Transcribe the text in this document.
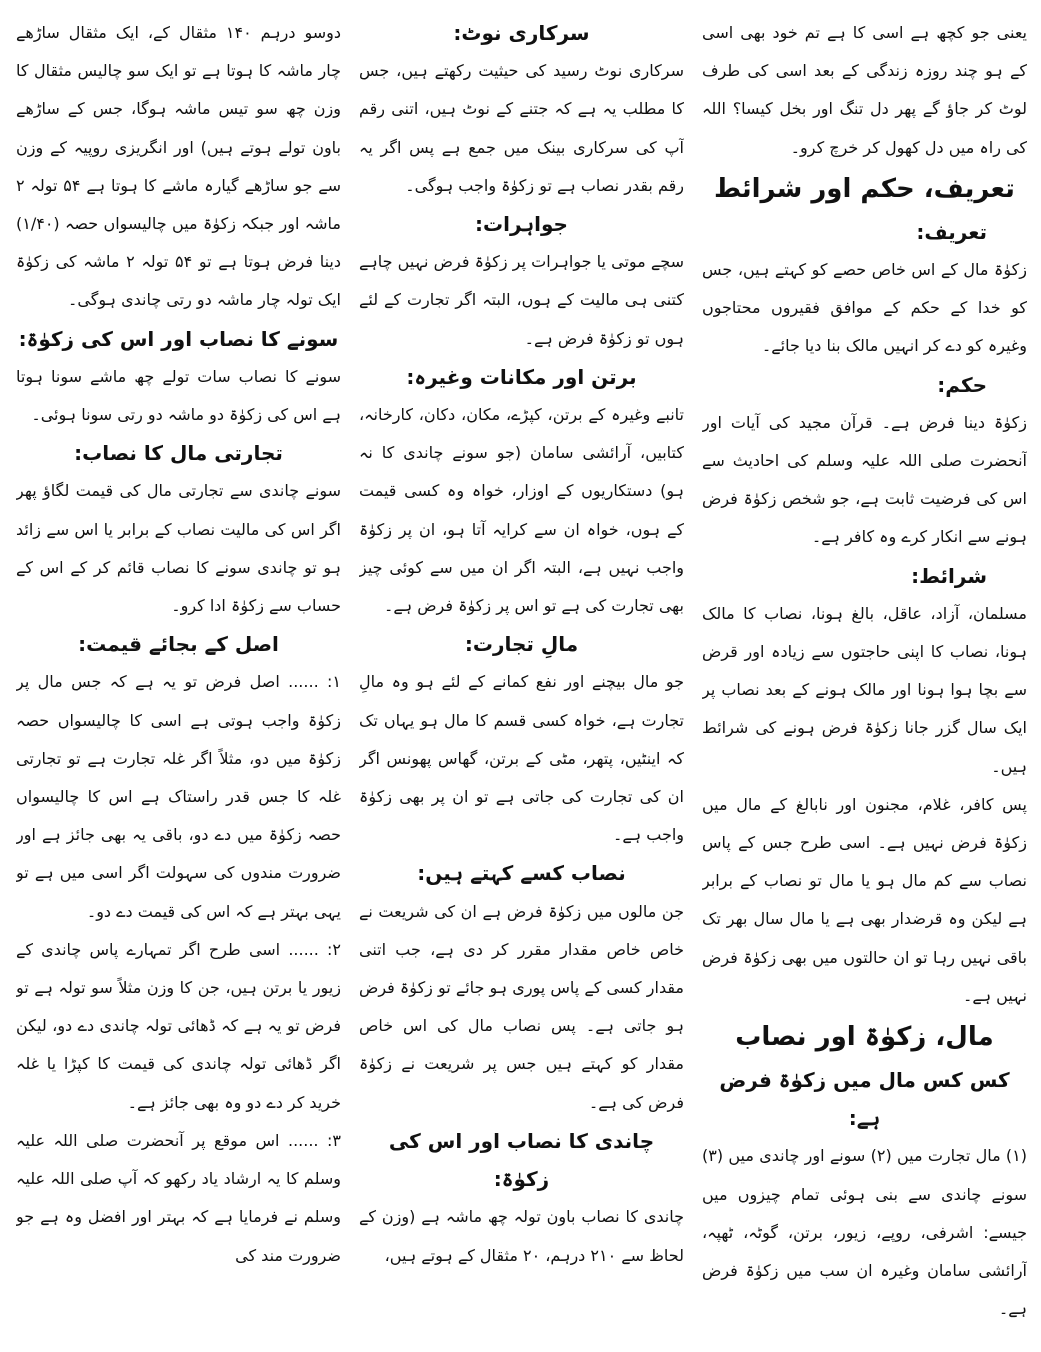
یعنی جو کچھ ہے اسی کا ہے تم خود بھی اسی کے ہو چند روزہ زندگی کے بعد اسی کی طرف لوٹ کر جاؤ گے پھر دل تنگ اور بخل کیسا؟ اللہ کی راہ میں دل کھول کر خرچ کرو۔

تعریف، حکم اور شرائط
تعریف:

زکوٰۃ مال کے اس خاص حصے کو کہتے ہیں، جس کو خدا کے حکم کے موافق فقیروں محتاجوں وغیرہ کو دے کر انہیں مالک بنا دیا جائے۔

حکم:

زکوٰۃ دینا فرض ہے۔ قرآن مجید کی آیات اور آنحضرت صلی اللہ علیہ وسلم کی احادیث سے اس کی فرضیت ثابت ہے، جو شخص زکوٰۃ فرض ہونے سے انکار کرے وہ کافر ہے۔

شرائط:

مسلمان، آزاد، عاقل، بالغ ہونا، نصاب کا مالک ہونا، نصاب کا اپنی حاجتوں سے زیادہ اور قرض سے بچا ہوا ہونا اور مالک ہونے کے بعد نصاب پر ایک سال گزر جانا زکوٰۃ فرض ہونے کی شرائط ہیں۔

پس کافر، غلام، مجنون اور نابالغ کے مال میں زکوٰۃ فرض نہیں ہے۔ اسی طرح جس کے پاس نصاب سے کم مال ہو یا مال تو نصاب کے برابر ہے لیکن وہ قرضدار بھی ہے یا مال سال بھر تک باقی نہیں رہا تو ان حالتوں میں بھی زکوٰۃ فرض نہیں ہے۔

مال، زکوٰۃ اور نصاب
کس کس مال میں زکوٰۃ فرض ہے:

(۱) مال تجارت میں (۲) سونے اور چاندی میں (۳) سونے چاندی سے بنی ہوئی تمام چیزوں میں جیسے: اشرفی، روپے، زیور، برتن، گوٹہ، ٹھپہ، آرائشی سامان وغیرہ ان سب میں زکوٰۃ فرض ہے۔

سرکاری نوٹ:

سرکاری نوٹ رسید کی حیثیت رکھتے ہیں، جس کا مطلب یہ ہے کہ جتنے کے نوٹ ہیں، اتنی رقم آپ کی سرکاری بینک میں جمع ہے پس اگر یہ رقم بقدر نصاب ہے تو زکوٰۃ واجب ہوگی۔

جواہرات:

سچے موتی یا جواہرات پر زکوٰۃ فرض نہیں چاہے کتنی ہی مالیت کے ہوں، البتہ اگر تجارت کے لئے ہوں تو زکوٰۃ فرض ہے۔

برتن اور مکانات وغیرہ:

تانبے وغیرہ کے برتن، کپڑے، مکان، دکان، کارخانہ، کتابیں، آرائشی سامان (جو سونے چاندی کا نہ ہو) دستکاریوں کے اوزار، خواہ وہ کسی قیمت کے ہوں، خواہ ان سے کرایہ آتا ہو، ان پر زکوٰۃ واجب نہیں ہے، البتہ اگر ان میں سے کوئی چیز بھی تجارت کی ہے تو اس پر زکوٰۃ فرض ہے۔

مالِ تجارت:

جو مال بیچنے اور نفع کمانے کے لئے ہو وہ مالِ تجارت ہے، خواہ کسی قسم کا مال ہو یہاں تک کہ اینٹیں، پتھر، مٹی کے برتن، گھاس پھونس اگر ان کی تجارت کی جاتی ہے تو ان پر بھی زکوٰۃ واجب ہے۔

نصاب کسے کہتے ہیں:

جن مالوں میں زکوٰۃ فرض ہے ان کی شریعت نے خاص خاص مقدار مقرر کر دی ہے، جب اتنی مقدار کسی کے پاس پوری ہو جائے تو زکوٰۃ فرض ہو جاتی ہے۔ پس نصاب مال کی اس خاص مقدار کو کہتے ہیں جس پر شریعت نے زکوٰۃ فرض کی ہے۔

چاندی کا نصاب اور اس کی زکوٰۃ:

چاندی کا نصاب باون تولہ چھ ماشہ ہے (وزن کے لحاظ سے ۲۱۰ درہم، ۲۰ مثقال کے ہوتے ہیں،

دوسو درہم ۱۴۰ مثقال کے، ایک مثقال ساڑھے چار ماشہ کا ہوتا ہے تو ایک سو چالیس مثقال کا وزن چھ سو تیس ماشہ ہوگا، جس کے ساڑھے باون تولے ہوتے ہیں) اور انگریزی روپیہ کے وزن سے جو ساڑھے گیارہ ماشے کا ہوتا ہے ۵۴ تولہ ۲ ماشہ اور جبکہ زکوٰۃ میں چالیسواں حصہ (۱/۴۰) دینا فرض ہوتا ہے تو ۵۴ تولہ ۲ ماشہ کی زکوٰۃ ایک تولہ چار ماشہ دو رتی چاندی ہوگی۔

سونے کا نصاب اور اس کی زکوٰۃ:

سونے کا نصاب سات تولے چھ ماشے سونا ہوتا ہے اس کی زکوٰۃ دو ماشہ دو رتی سونا ہوئی۔

تجارتی مال کا نصاب:

سونے چاندی سے تجارتی مال کی قیمت لگاؤ پھر اگر اس کی مالیت نصاب کے برابر یا اس سے زائد ہو تو چاندی سونے کا نصاب قائم کر کے اس کے حساب سے زکوٰۃ ادا کرو۔

اصل کے بجائے قیمت:

۱: ...... اصل فرض تو یہ ہے کہ جس مال پر زکوٰۃ واجب ہوتی ہے اسی کا چالیسواں حصہ زکوٰۃ میں دو، مثلاً اگر غلہ تجارت ہے تو تجارتی غلہ کا جس قدر راستاک ہے اس کا چالیسواں حصہ زکوٰۃ میں دے دو، باقی یہ بھی جائز ہے اور ضرورت مندوں کی سہولت اگر اسی میں ہے تو یہی بہتر ہے کہ اس کی قیمت دے دو۔

۲: ...... اسی طرح اگر تمہارے پاس چاندی کے زیور یا برتن ہیں، جن کا وزن مثلاً سو تولہ ہے تو فرض تو یہ ہے کہ ڈھائی تولہ چاندی دے دو، لیکن اگر ڈھائی تولہ چاندی کی قیمت کا کپڑا یا غلہ خرید کر دے دو وہ بھی جائز ہے۔

۳: ...... اس موقع پر آنحضرت صلی اللہ علیہ وسلم کا یہ ارشاد یاد رکھو کہ آپ صلی اللہ علیہ وسلم نے فرمایا ہے کہ بہتر اور افضل وہ ہے جو ضرورت مند کی
